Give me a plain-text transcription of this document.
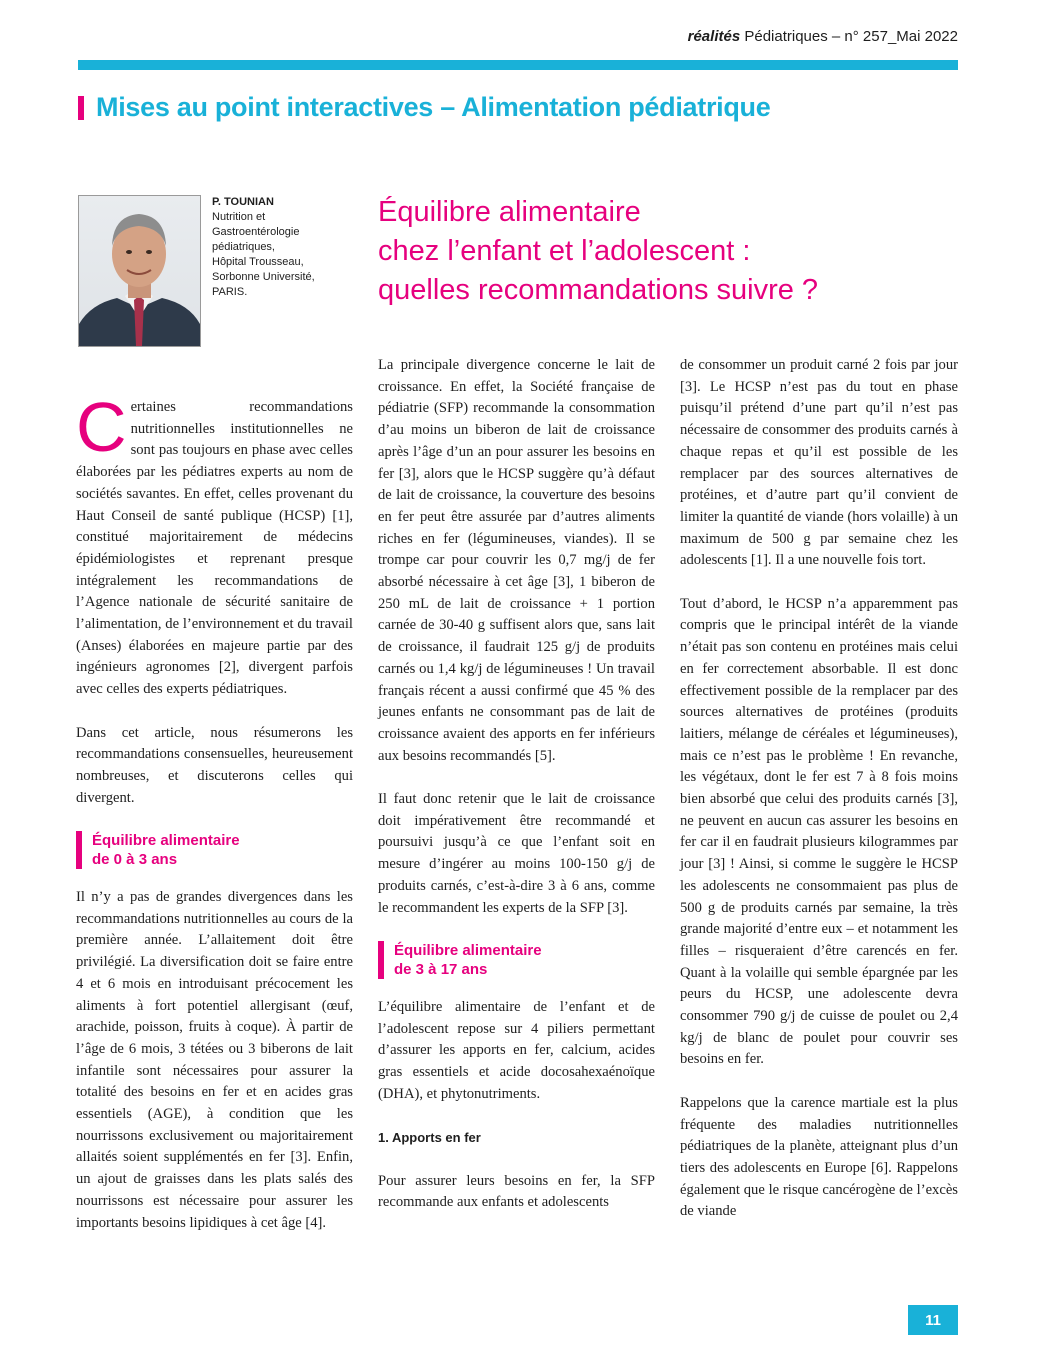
réalités Pédiatriques – n° 257_Mai 2022
Mises au point interactives – Alimentation pédiatrique
P. TOUNIAN
Nutrition et
Gastroentérologie
pédiatriques,
Hôpital Trousseau,
Sorbonne Université,
PARIS.
Équilibre alimentaire
chez l’enfant et l’adolescent :
quelles recommandations suivre ?

Certaines recommandations nutritionnelles institutionnelles ne sont pas toujours en phase avec celles élaborées par les pédiatres experts au nom de sociétés savantes. En effet, celles provenant du Haut Conseil de santé publique (HCSP) [1], constitué majoritairement de médecins épidémiologistes et reprenant presque intégralement les recommandations de l’Agence nationale de sécurité sanitaire de l’alimentation, de l’environnement et du travail (Anses) élaborées en majeure partie par des ingénieurs agronomes [2], divergent parfois avec celles des experts pédiatriques.

Dans cet article, nous résumerons les recommandations consensuelles, heureusement nombreuses, et discuterons celles qui divergent.

Équilibre alimentaire
de 0 à 3 ans

Il n’y a pas de grandes divergences dans les recommandations nutritionnelles au cours de la première année. L’allaitement doit être privilégié. La diversification doit se faire entre 4 et 6 mois en introduisant précocement les aliments à fort potentiel allergisant (œuf, arachide, poisson, fruits à coque). À partir de l’âge de 6 mois, 3 tétées ou 3 biberons de lait infantile sont nécessaires pour assurer la totalité des besoins en fer et en acides gras essentiels (AGE), à condition que les nourrissons exclusivement ou majoritairement allaités soient supplémentés en fer [3]. Enfin, un ajout de graisses dans les plats salés des nourrissons est nécessaire pour assurer les importants besoins lipidiques à cet âge [4].

La principale divergence concerne le lait de croissance. En effet, la Société française de pédiatrie (SFP) recommande la consommation d’au moins un biberon de lait de croissance après l’âge d’un an pour assurer les besoins en fer [3], alors que le HCSP suggère qu’à défaut de lait de croissance, la couverture des besoins en fer peut être assurée par d’autres aliments riches en fer (légumineuses, viandes). Il se trompe car pour couvrir les 0,7 mg/j de fer absorbé nécessaire à cet âge [3], 1 biberon de 250 mL de lait de croissance + 1 portion carnée de 30-40 g suffisent alors que, sans lait de croissance, il faudrait 125 g/j de produits carnés ou 1,4 kg/j de légumineuses ! Un travail français récent a aussi confirmé que 45 % des jeunes enfants ne consommant pas de lait de croissance avaient des apports en fer inférieurs aux besoins recommandés [5].

Il faut donc retenir que le lait de croissance doit impérativement être recommandé et poursuivi jusqu’à ce que l’enfant soit en mesure d’ingérer au moins 100-150 g/j de produits carnés, c’est-à-dire 3 à 6 ans, comme le recommandent les experts de la SFP [3].

Équilibre alimentaire
de 3 à 17 ans

L’équilibre alimentaire de l’enfant et de l’adolescent repose sur 4 piliers permettant d’assurer les apports en fer, calcium, acides gras essentiels et acide docosahexaénoïque (DHA), et phytonutriments.

1. Apports en fer

Pour assurer leurs besoins en fer, la SFP recommande aux enfants et adolescents

de consommer un produit carné 2 fois par jour [3]. Le HCSP n’est pas du tout en phase puisqu’il prétend d’une part qu’il n’est pas nécessaire de consommer des produits carnés à chaque repas et qu’il est possible de les remplacer par des sources alternatives de protéines, et d’autre part qu’il convient de limiter la quantité de viande (hors volaille) à un maximum de 500 g par semaine chez les adolescents [1]. Il a une nouvelle fois tort.

Tout d’abord, le HCSP n’a apparemment pas compris que le principal intérêt de la viande n’était pas son contenu en protéines mais celui en fer correctement absorbable. Il est donc effectivement possible de la remplacer par des sources alternatives de protéines (produits laitiers, mélange de céréales et légumineuses), mais ce n’est pas le problème ! En revanche, les végétaux, dont le fer est 7 à 8 fois moins bien absorbé que celui des produits carnés [3], ne peuvent en aucun cas assurer les besoins en fer car il en faudrait plusieurs kilogrammes par jour [3] ! Ainsi, si comme le suggère le HCSP les adolescents ne consommaient pas plus de 500 g de produits carnés par semaine, la très grande majorité d’entre eux – et notamment les filles – risqueraient d’être carencés en fer. Quant à la volaille qui semble épargnée par les peurs du HCSP, une adolescente devra consommer 790 g/j de cuisse de poulet ou 2,4 kg/j de blanc de poulet pour couvrir ses besoins en fer.

Rappelons que la carence martiale est la plus fréquente des maladies nutritionnelles pédiatriques de la planète, atteignant plus d’un tiers des adolescents en Europe [6]. Rappelons également que le risque cancérogène de l’excès de viande

11
